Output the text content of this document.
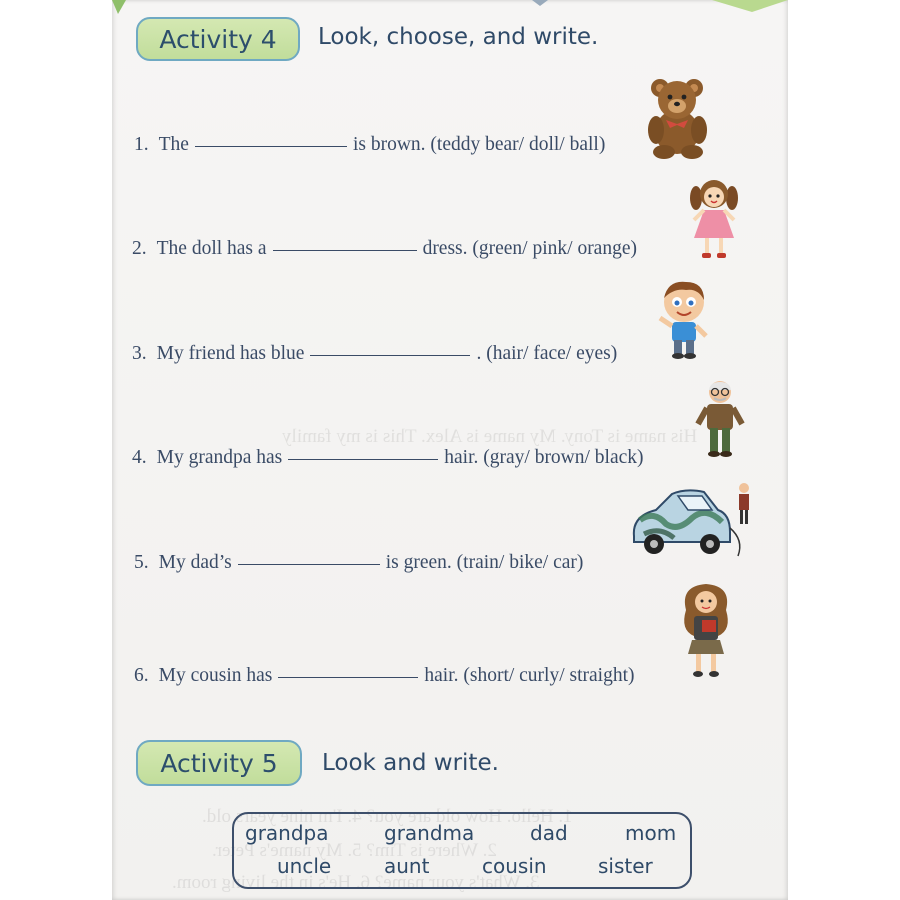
His name is Tony. My name is Alex. This is my family
1. Hello. How old are you? 4. I'm nine years old.
2. Where is Tim? 5. My name's Peter.
3. What's your name? 6. He's in the living room.
Activity 4 Look, choose, and write.
1. The	is brown. (teddy bear/ doll/ ball)
2. The doll has a	dress. (green/ pink/ orange)
3. My friend has blue	. (hair/ face/ eyes)
4. My grandpa has	hair. (gray/ brown/ black)
5. My dad’s	is green. (train/ bike/ car)
6. My cousin has	hair. (short/ curly/ straight)
Activity 5 Look and write.
grandpa	grandma	dad	mom
uncle	aunt	cousin	sister
